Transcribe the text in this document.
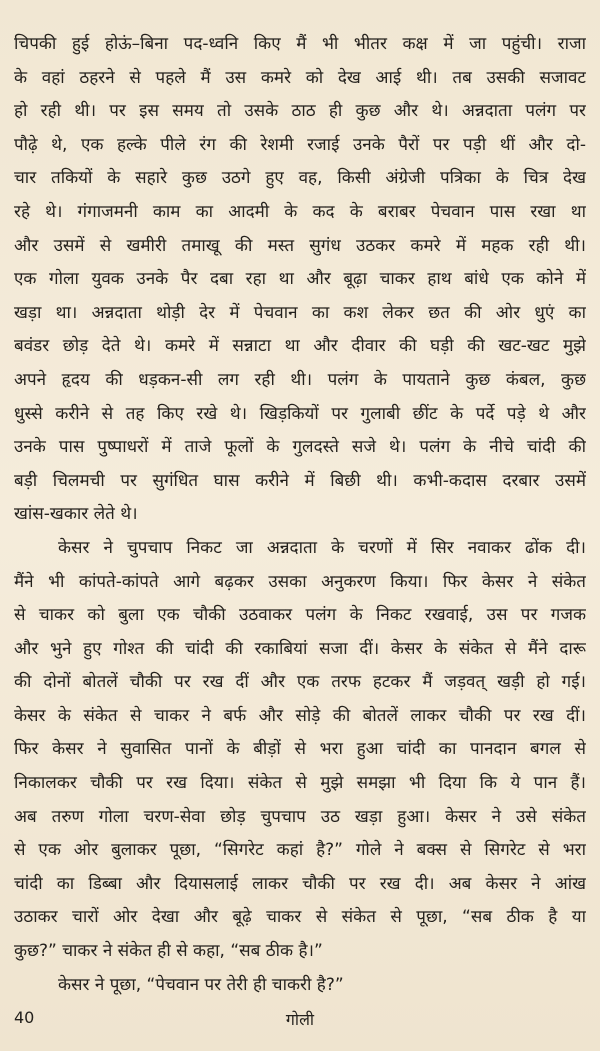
चिपकी हुई होऊं–बिना पद-ध्वनि किए मैं भी भीतर कक्ष में जा पहुंची। राजा
के वहां ठहरने से पहले मैं उस कमरे को देख आई थी। तब उसकी सजावट
हो रही थी। पर इस समय तो उसके ठाठ ही कुछ और थे। अन्नदाता पलंग पर
पौढ़े थे, एक हल्के पीले रंग की रेशमी रजाई उनके पैरों पर पड़ी थीं और दो-
चार तकियों के सहारे कुछ उठगे हुए वह, किसी अंग्रेजी पत्रिका के चित्र देख
रहे थे। गंगाजमनी काम का आदमी के कद के बराबर पेचवान पास रखा था
और उसमें से खमीरी तमाखू की मस्त सुगंध उठकर कमरे में महक रही थी।
एक गोला युवक उनके पैर दबा रहा था और बूढ़ा चाकर हाथ बांधे एक कोने में
खड़ा था। अन्नदाता थोड़ी देर में पेचवान का कश लेकर छत की ओर धुएं का
बवंडर छोड़ देते थे। कमरे में सन्नाटा था और दीवार की घड़ी की खट-खट मुझे
अपने हृदय की धड़कन-सी लग रही थी। पलंग के पायताने कुछ कंबल, कुछ
धुस्से करीने से तह किए रखे थे। खिड़कियों पर गुलाबी छींट के पर्दे पड़े थे और
उनके पास पुष्पाधरों में ताजे फूलों के गुलदस्ते सजे थे। पलंग के नीचे चांदी की
बड़ी चिलमची पर सुगंधित घास करीने में बिछी थी। कभी-कदास दरबार उसमें
खांस-खकार लेते थे।
केसर ने चुपचाप निकट जा अन्नदाता के चरणों में सिर नवाकर ढोंक दी।
मैंने भी कांपते-कांपते आगे बढ़कर उसका अनुकरण किया। फिर केसर ने संकेत
से चाकर को बुला एक चौकी उठवाकर पलंग के निकट रखवाई, उस पर गजक
और भुने हुए गोश्त की चांदी की रकाबियां सजा दीं। केसर के संकेत से मैंने दारू
की दोनों बोतलें चौकी पर रख दीं और एक तरफ हटकर मैं जड़वत् खड़ी हो गई।
केसर के संकेत से चाकर ने बर्फ और सोड़े की बोतलें लाकर चौकी पर रख दीं।
फिर केसर ने सुवासित पानों के बीड़ों से भरा हुआ चांदी का पानदान बगल से
निकालकर चौकी पर रख दिया। संकेत से मुझे समझा भी दिया कि ये पान हैं।
अब तरुण गोला चरण-सेवा छोड़ चुपचाप उठ खड़ा हुआ। केसर ने उसे संकेत
से एक ओर बुलाकर पूछा, “सिगरेट कहां है?” गोले ने बक्स से सिगरेट से भरा
चांदी का डिब्बा और दियासलाई लाकर चौकी पर रख दी। अब केसर ने आंख
उठाकर चारों ओर देखा और बूढ़े चाकर से संकेत से पूछा, “सब ठीक है या
कुछ?” चाकर ने संकेत ही से कहा, “सब ठीक है।”
केसर ने पूछा, “पेचवान पर तेरी ही चाकरी है?”
40	गोली
